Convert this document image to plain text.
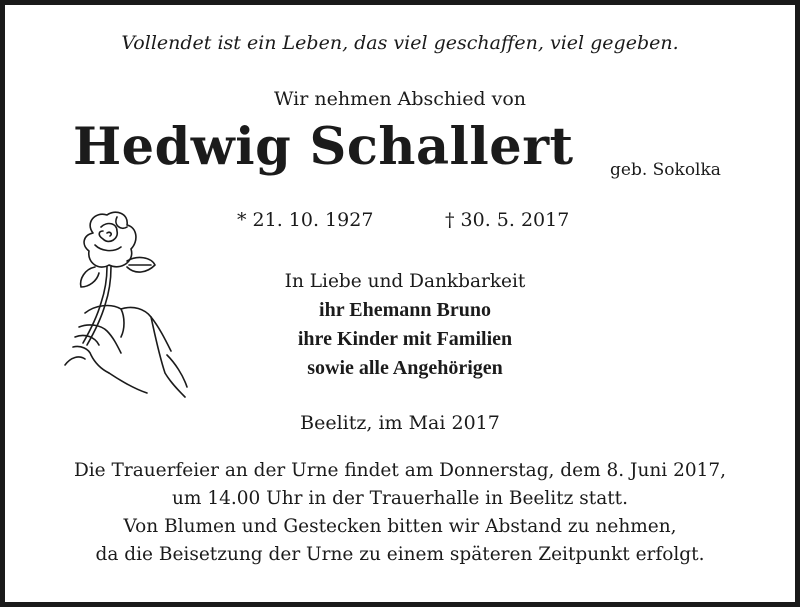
Vollendet ist ein Leben, das viel geschaffen, viel gegeben.
Wir nehmen Abschied von
Hedwig Schallert geb. Sokolka
* 21. 10. 1927	† 30. 5. 2017
In Liebe und Dankbarkeit
ihr Ehemann Bruno
ihre Kinder mit Familien
sowie alle Angehörigen
Beelitz, im Mai 2017
Die Trauerfeier an der Urne findet am Donnerstag, dem 8. Juni 2017,
um 14.00 Uhr in der Trauerhalle in Beelitz statt.
Von Blumen und Gestecken bitten wir Abstand zu nehmen,
da die Beisetzung der Urne zu einem späteren Zeitpunkt erfolgt.
